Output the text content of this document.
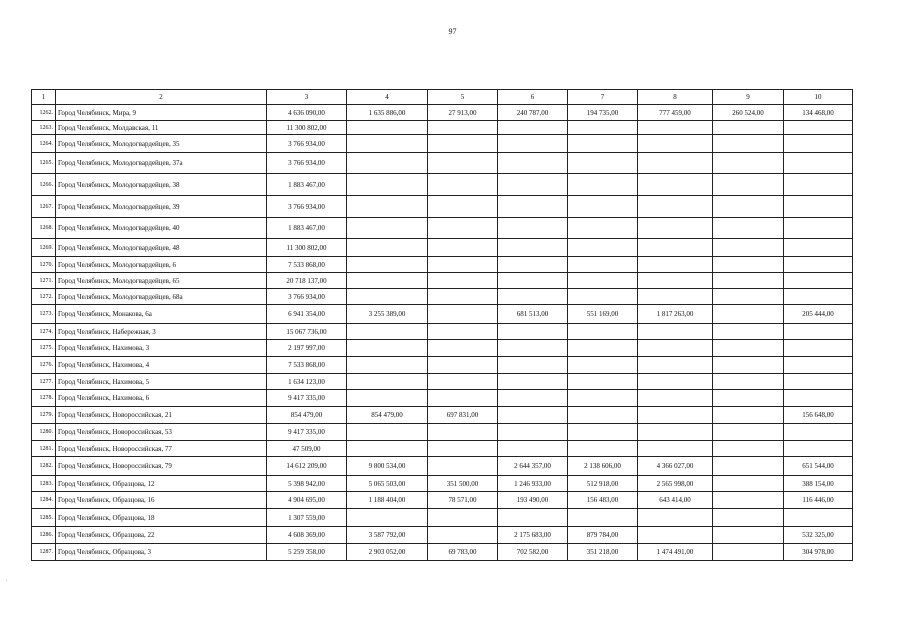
97
1	2	3	4	5	6	7	8	9	10
1262.	Город Челябинск, Мира, 9	4 636 090,00	1 635 886,00	27 913,00	240 787,00	194 735,00	777 459,00	260 524,00	134 468,00
1263.	Город Челябинск, Молдавская, 11	11 300 802,00							
1264.	Город Челябинск, Молодогвардейцев, 35	3 766 934,00							
1265.	Город Челябинск, Молодогвардейцев, 37а	3 766 934,00							
1266.	Город Челябинск, Молодогвардейцев, 38	1 883 467,00							
1267.	Город Челябинск, Молодогвардейцев, 39	3 766 934,00							
1268.	Город Челябинск, Молодогвардейцев, 40	1 883 467,00							
1269.	Город Челябинск, Молодогвардейцев, 48	11 300 802,00							
1270.	Город Челябинск, Молодогвардейцев, 6	7 533 868,00							
1271.	Город Челябинск, Молодогвардейцев, 65	20 718 137,00							
1272.	Город Челябинск, Молодогвардейцев, 68а	3 766 934,00							
1273.	Город Челябинск, Монакова, 6а	6 941 354,00	3 255 389,00		681 513,00	551 169,00	1 817 263,00		205 444,00
1274.	Город Челябинск, Набережная, 3	15 067 736,00							
1275.	Город Челябинск, Нахимова, 3	2 197 997,00							
1276.	Город Челябинск, Нахимова, 4	7 533 868,00							
1277.	Город Челябинск, Нахимова, 5	1 634 123,00							
1278.	Город Челябинск, Нахимова, 6	9 417 335,00							
1279.	Город Челябинск, Новороссийская, 21	854 479,00	854 479,00	697 831,00					156 648,00
1280.	Город Челябинск, Новороссийская, 53	9 417 335,00							
1281.	Город Челябинск, Новороссийская, 77	47 509,00							
1282.	Город Челябинск, Новороссийская, 79	14 612 209,00	9 800 534,00		2 644 357,00	2 138 606,00	4 366 027,00		651 544,00
1283.	Город Челябинск, Образцова, 12	5 398 942,00	5 065 503,00	351 500,00	1 246 933,00	512 918,00	2 565 998,00		388 154,00
1284.	Город Челябинск, Образцова, 16	4 904 695,00	1 188 404,00	78 571,00	193 490,00	156 483,00	643 414,00		116 446,00
1285.	Город Челябинск, Образцова, 18	1 307 559,00							
1286.	Город Челябинск, Образцова, 22	4 608 369,00	3 587 792,00		2 175 683,00	879 784,00			532 325,00
1287.	Город Челябинск, Образцова, 3	5 259 358,00	2 903 052,00	69 783,00	702 582,00	351 218,00	1 474 491,00		304 978,00
.
